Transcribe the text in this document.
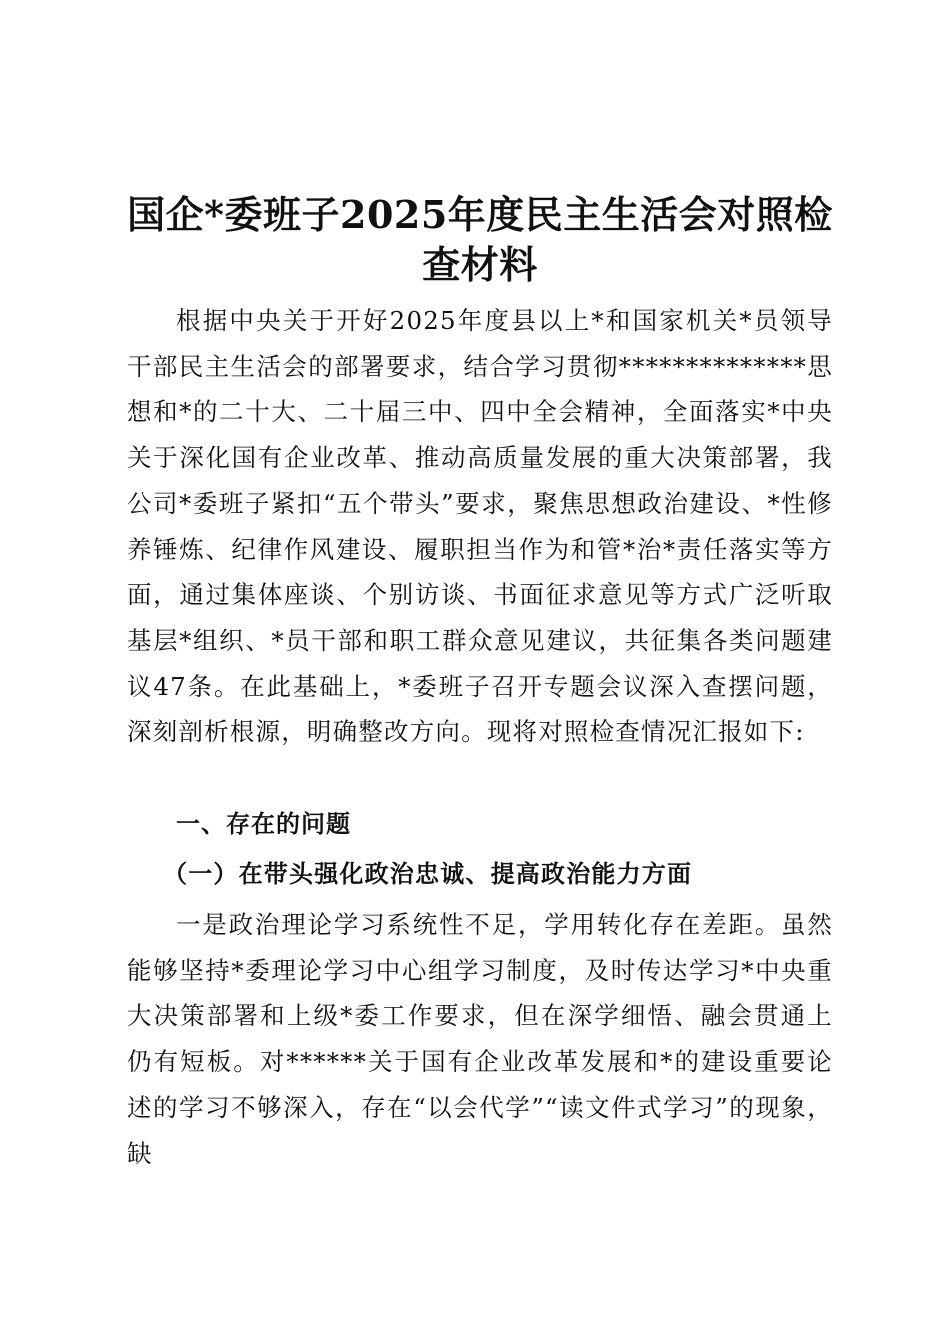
国企*委班子2025年度民主生活会对照检查材料

根据中央关于开好2025年度县以上*和国家机关*员领导干部民主生活会的部署要求，结合学习贯彻**************思想和*的二十大、二十届三中、四中全会精神，全面落实*中央关于深化国有企业改革、推动高质量发展的重大决策部署，我公司*委班子紧扣“五个带头”要求，聚焦思想政治建设、*性修养锤炼、纪律作风建设、履职担当作为和管*治*责任落实等方面，通过集体座谈、个别访谈、书面征求意见等方式广泛听取基层*组织、*员干部和职工群众意见建议，共征集各类问题建议47条。在此基础上，*委班子召开专题会议深入查摆问题，深刻剖析根源，明确整改方向。现将对照检查情况汇报如下:

一、存在的问题
（一）在带头强化政治忠诚、提高政治能力方面

一是政治理论学习系统性不足，学用转化存在差距。虽然能够坚持*委理论学习中心组学习制度，及时传达学习*中央重大决策部署和上级*委工作要求，但在深学细悟、融会贯通上仍有短板。对******关于国有企业改革发展和*的建设重要论述的学习不够深入，存在“以会代学”“读文件式学习”的现象，缺
